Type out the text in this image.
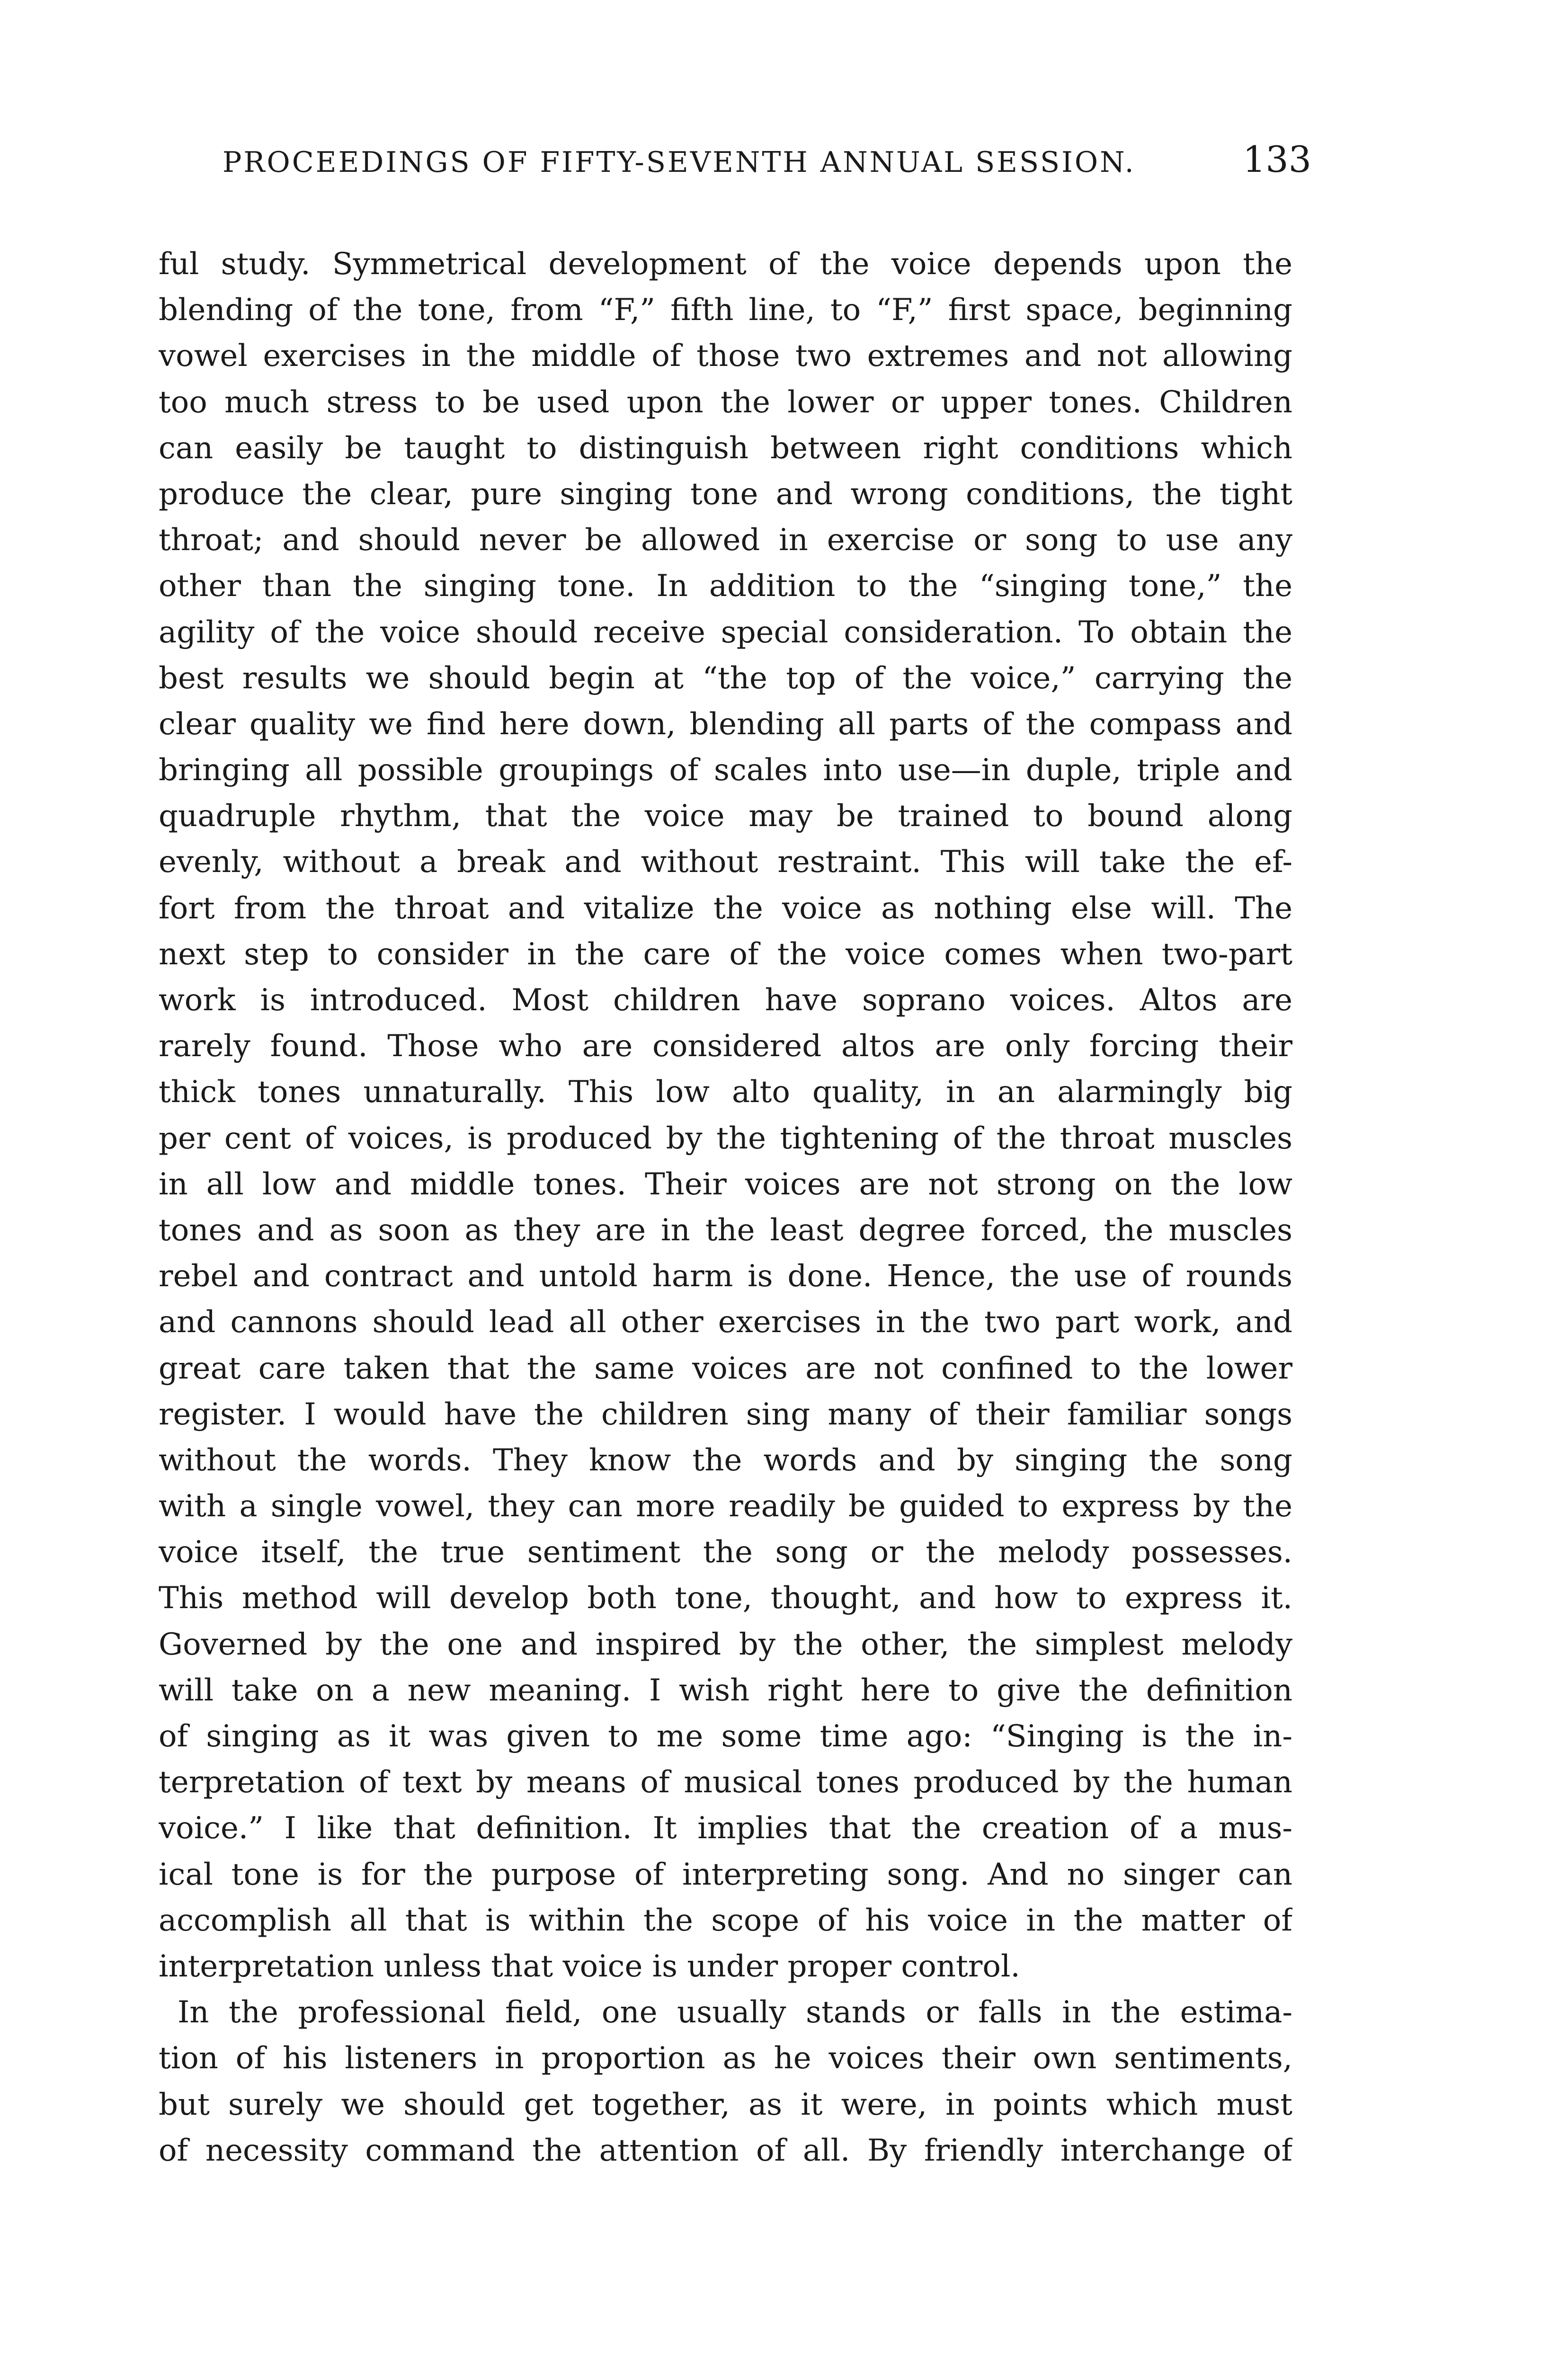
PROCEEDINGS OF FIFTY-SEVENTH ANNUAL SESSION.	133
ful study. Symmetrical development of the voice depends upon the
blending of the tone, from “F,” fifth line, to “F,” first space, beginning
vowel exercises in the middle of those two extremes and not allowing
too much stress to be used upon the lower or upper tones. Children
can easily be taught to distinguish between right conditions which
produce the clear, pure singing tone and wrong conditions, the tight
throat; and should never be allowed in exercise or song to use any
other than the singing tone. In addition to the “singing tone,” the
agility of the voice should receive special consideration. To obtain the
best results we should begin at “the top of the voice,” carrying the
clear quality we find here down, blending all parts of the compass and
bringing all possible groupings of scales into use—in duple, triple and
quadruple rhythm, that the voice may be trained to bound along
evenly, without a break and without restraint. This will take the ef-
fort from the throat and vitalize the voice as nothing else will. The
next step to consider in the care of the voice comes when two-part
work is introduced. Most children have soprano voices. Altos are
rarely found. Those who are considered altos are only forcing their
thick tones unnaturally. This low alto quality, in an alarmingly big
per cent of voices, is produced by the tightening of the throat muscles
in all low and middle tones. Their voices are not strong on the low
tones and as soon as they are in the least degree forced, the muscles
rebel and contract and untold harm is done. Hence, the use of rounds
and cannons should lead all other exercises in the two part work, and
great care taken that the same voices are not confined to the lower
register. I would have the children sing many of their familiar songs
without the words. They know the words and by singing the song
with a single vowel, they can more readily be guided to express by the
voice itself, the true sentiment the song or the melody possesses.
This method will develop both tone, thought, and how to express it.
Governed by the one and inspired by the other, the simplest melody
will take on a new meaning. I wish right here to give the definition
of singing as it was given to me some time ago: “Singing is the in-
terpretation of text by means of musical tones produced by the human
voice.” I like that definition. It implies that the creation of a mus-
ical tone is for the purpose of interpreting song. And no singer can
accomplish all that is within the scope of his voice in the matter of
interpretation unless that voice is under proper control.
In the professional field, one usually stands or falls in the estima-
tion of his listeners in proportion as he voices their own sentiments,
but surely we should get together, as it were, in points which must
of necessity command the attention of all. By friendly interchange of
